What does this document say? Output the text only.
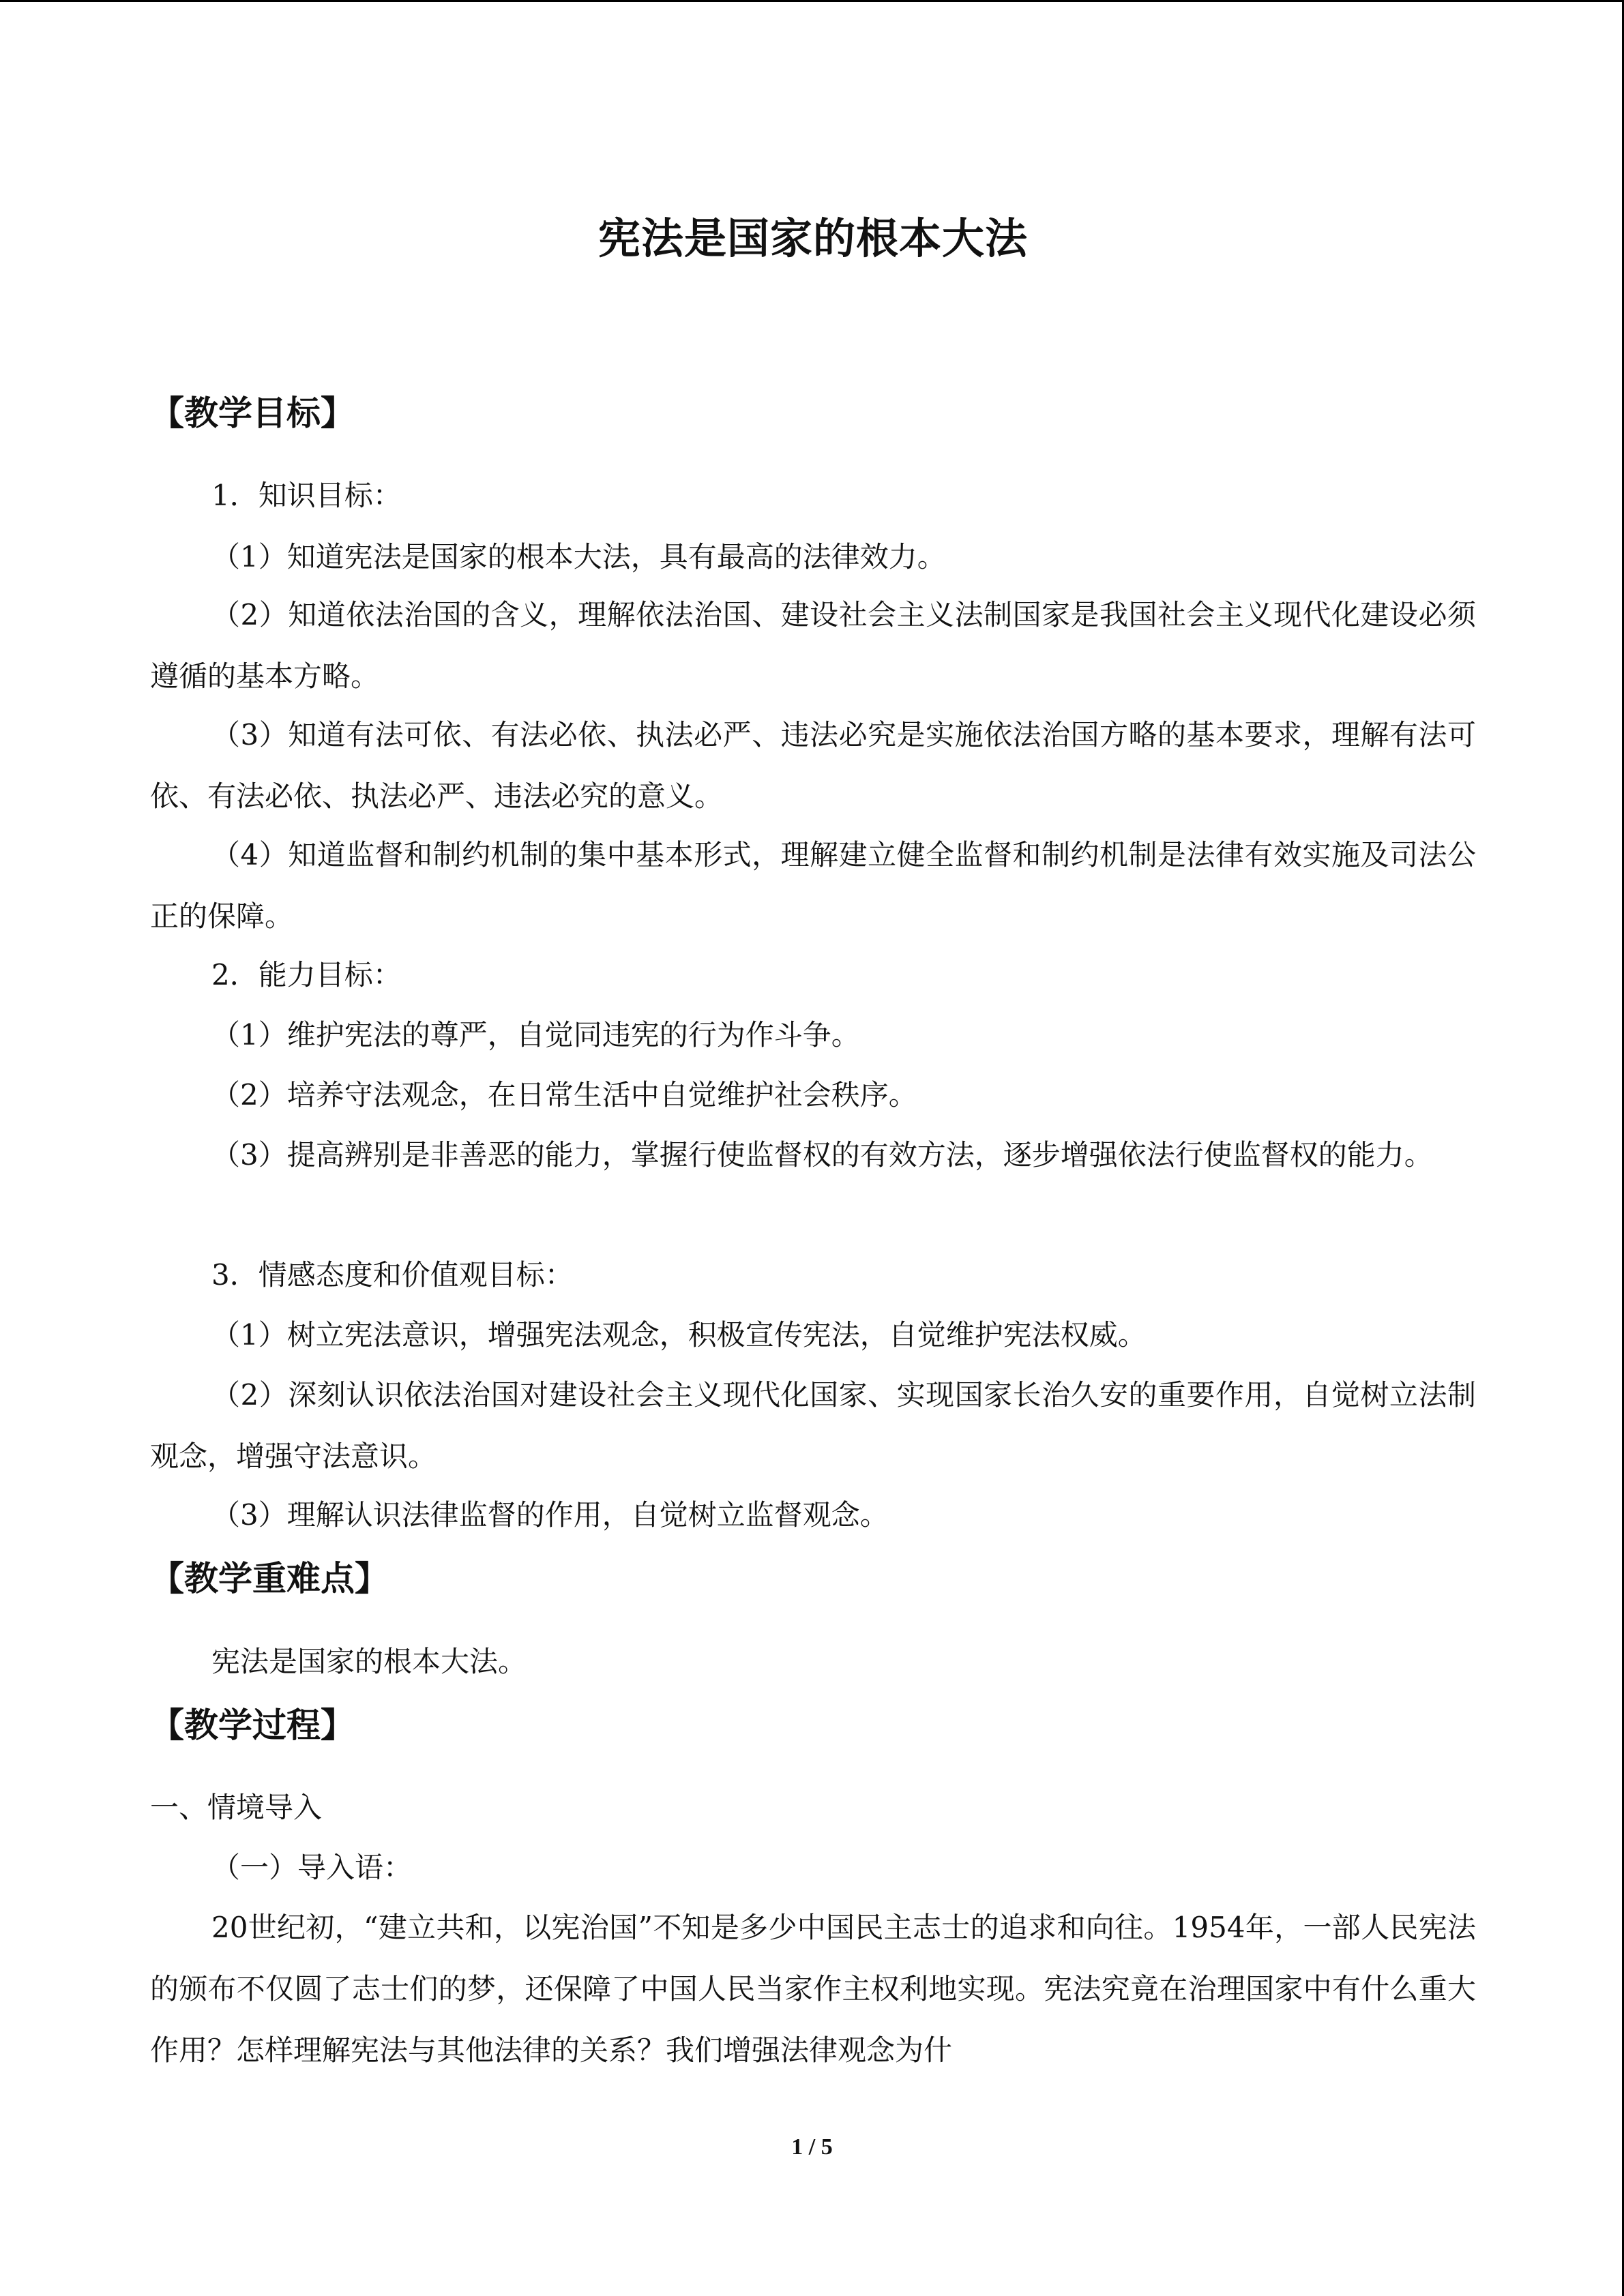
宪法是国家的根本大法
【教学目标】
1．知识目标：
（1）知道宪法是国家的根本大法，具有最高的法律效力。
（2）知道依法治国的含义，理解依法治国、建设社会主义法制国家是我国社会主义现代化建设必须遵循的基本方略。
（3）知道有法可依、有法必依、执法必严、违法必究是实施依法治国方略的基本要求，理解有法可依、有法必依、执法必严、违法必究的意义。
（4）知道监督和制约机制的集中基本形式，理解建立健全监督和制约机制是法律有效实施及司法公正的保障。
2．能力目标：
（1）维护宪法的尊严，自觉同违宪的行为作斗争。
（2）培养守法观念，在日常生活中自觉维护社会秩序。
（3）提高辨别是非善恶的能力，掌握行使监督权的有效方法，逐步增强依法行使监督权的能力。
3．情感态度和价值观目标：
（1）树立宪法意识，增强宪法观念，积极宣传宪法，自觉维护宪法权威。
（2）深刻认识依法治国对建设社会主义现代化国家、实现国家长治久安的重要作用，自觉树立法制观念，增强守法意识。
（3）理解认识法律监督的作用，自觉树立监督观念。
【教学重难点】
宪法是国家的根本大法。
【教学过程】
一、情境导入
（一）导入语：
20世纪初，“建立共和，以宪治国”不知是多少中国民主志士的追求和向往。1954年，一部人民宪法的颁布不仅圆了志士们的梦，还保障了中国人民当家作主权利地实现。宪法究竟在治理国家中有什么重大作用？怎样理解宪法与其他法律的关系？我们增强法律观念为什
1 / 5
